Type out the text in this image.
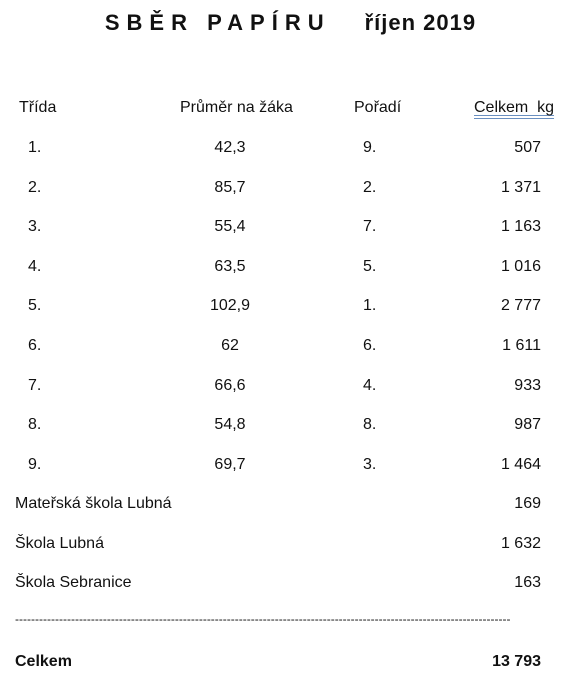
SBĚR PAPÍRU říjen 2019
Třída	Průměr na žáka	Pořadí	Celkem  kg
1.	42,3	9.	507
2.	85,7	2.	1 371
3.	55,4	7.	1 163
4.	63,5	5.	1 016
5.	102,9	1.	2 777
6.	62	6.	1 611
7.	66,6	4.	933
8.	54,8	8.	987
9.	69,7	3.	1 464
Mateřská škola Lubná	169
Škola Lubná	1 632
Škola Sebranice	163
----------------------------------------------------------------------------------------------------------------------------
Celkem	13 793
